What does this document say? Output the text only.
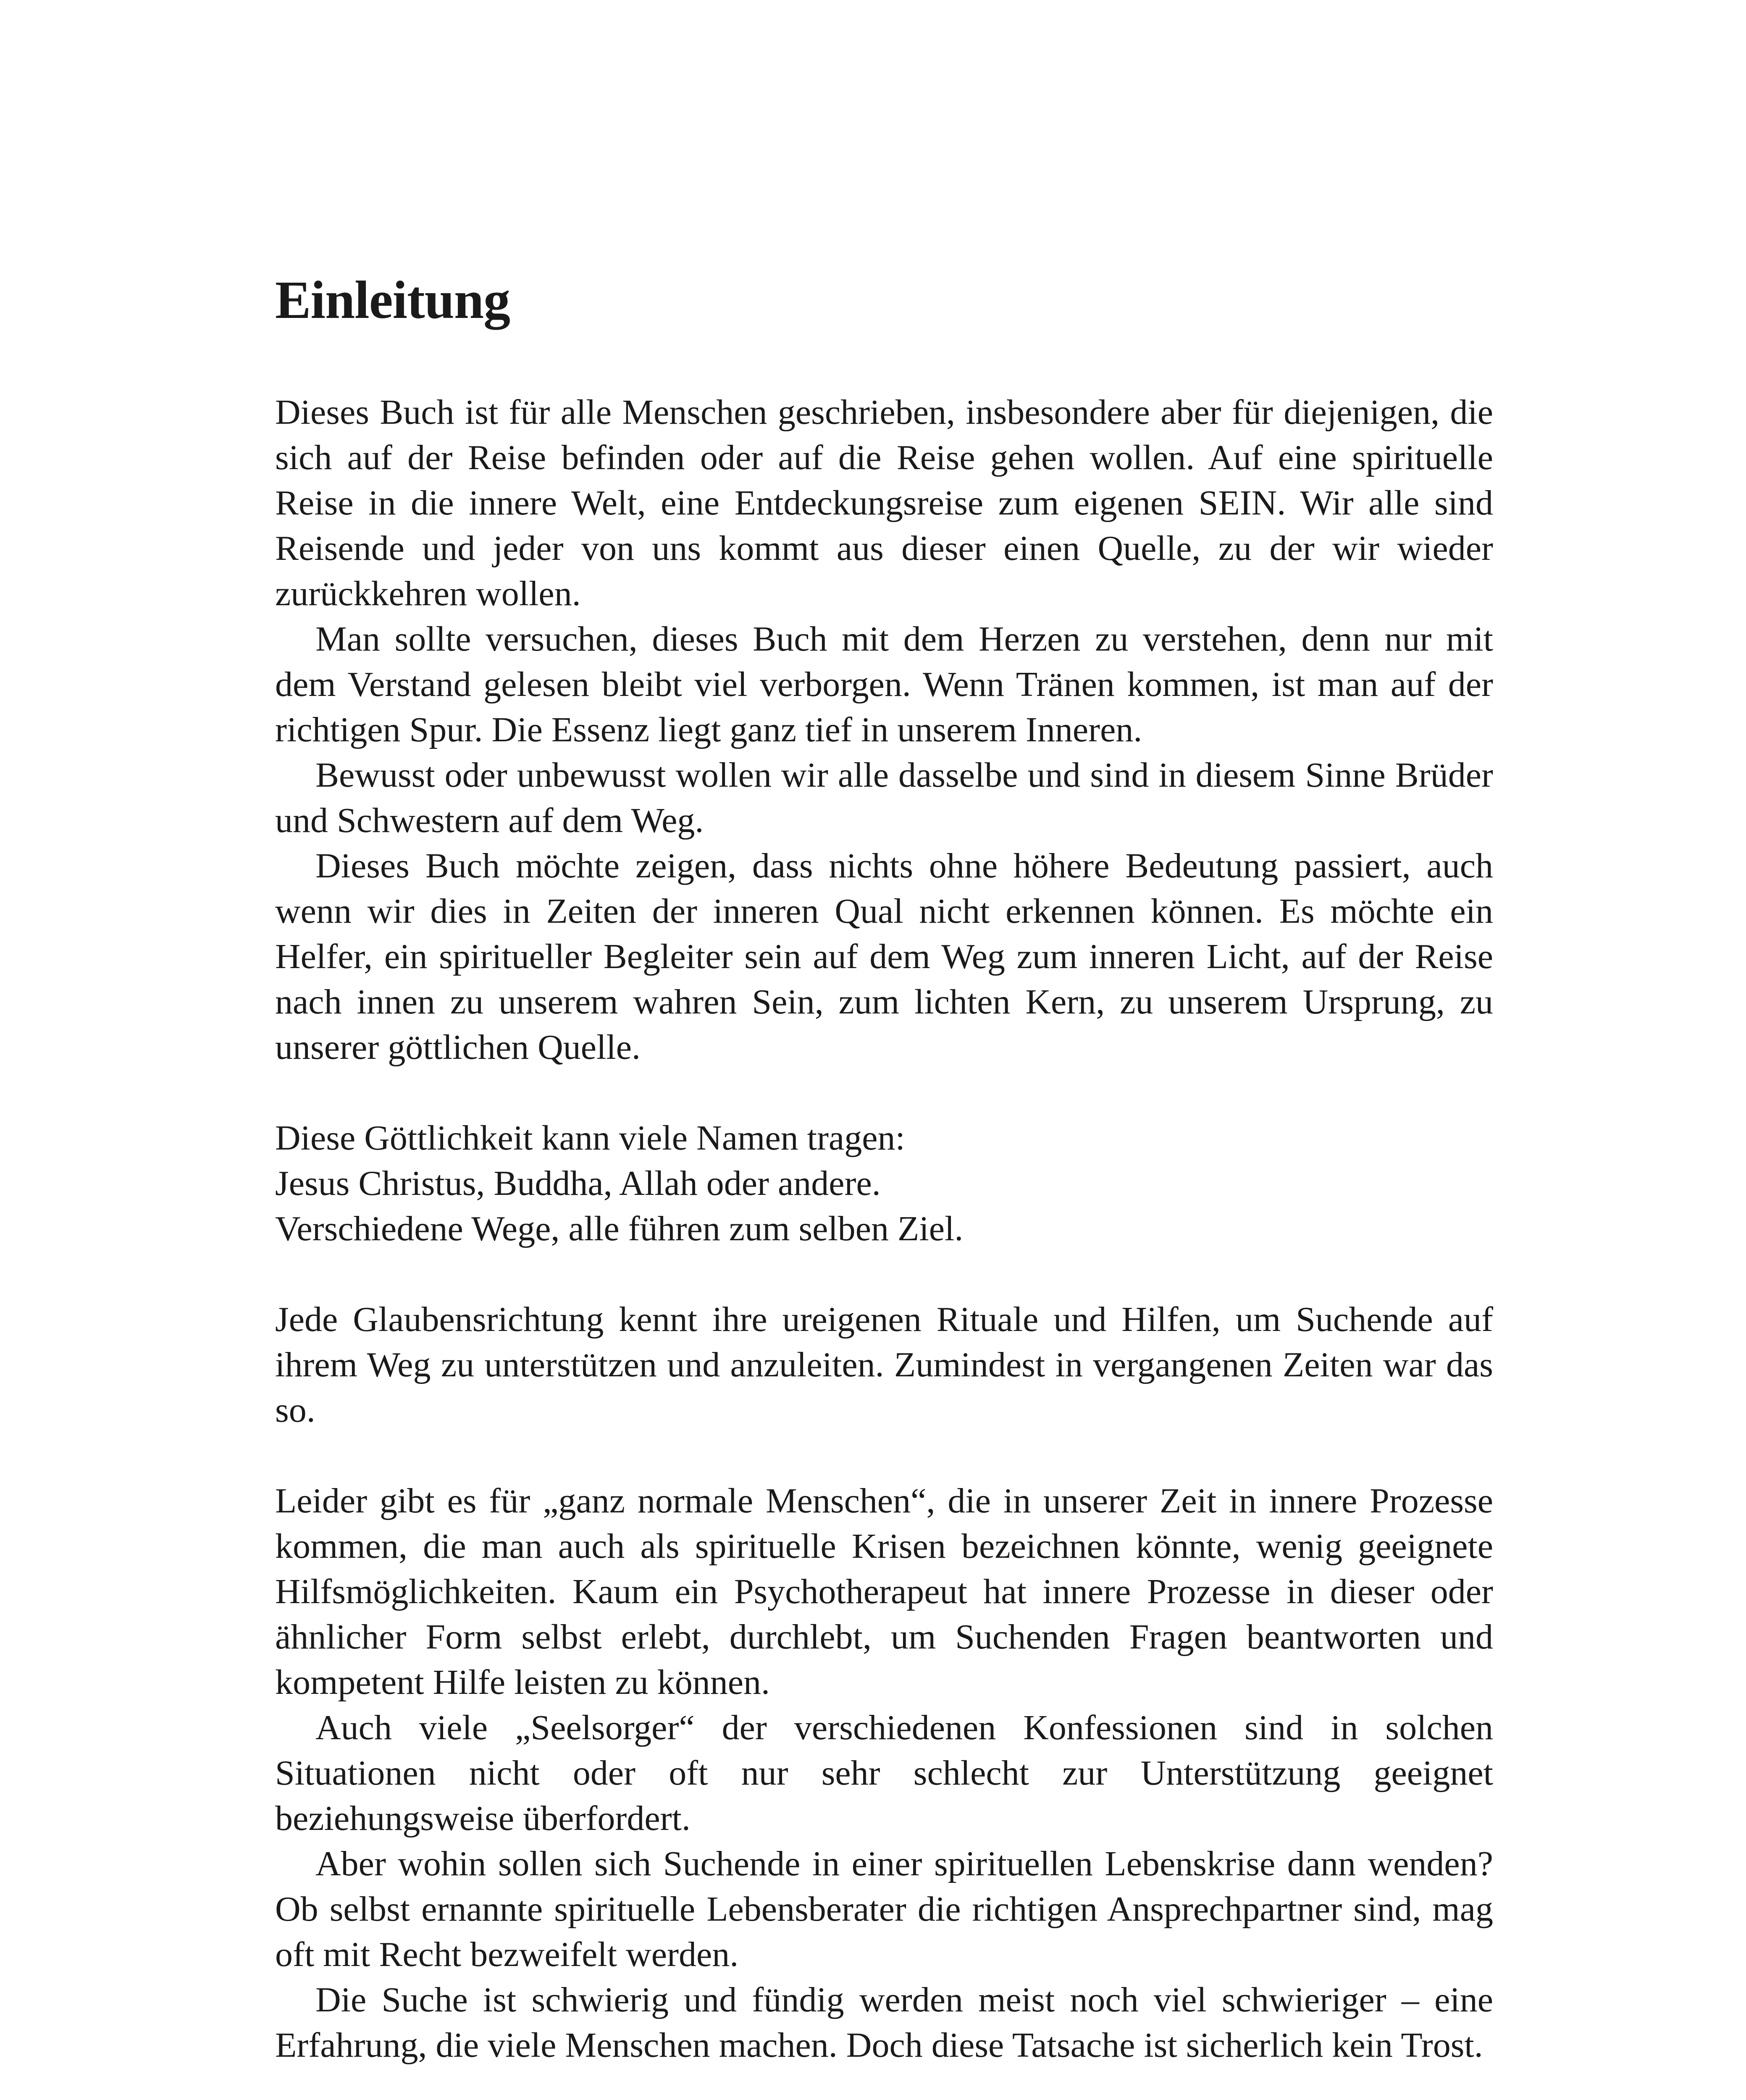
Einleitung

Dieses Buch ist für alle Menschen geschrieben, insbesondere aber für diejenigen, die sich auf der Reise befinden oder auf die Reise gehen wollen. Auf eine spirituelle Reise in die innere Welt, eine Entdeckungsreise zum eigenen SEIN. Wir alle sind Reisende und jeder von uns kommt aus dieser einen Quelle, zu der wir wieder zurückkehren wollen.

Man sollte versuchen, dieses Buch mit dem Herzen zu verstehen, denn nur mit dem Verstand gelesen bleibt viel verborgen. Wenn Tränen kommen, ist man auf der richtigen Spur. Die Essenz liegt ganz tief in unserem Inneren.

Bewusst oder unbewusst wollen wir alle dasselbe und sind in diesem Sinne Brüder und Schwestern auf dem Weg.

Dieses Buch möchte zeigen, dass nichts ohne höhere Bedeutung passiert, auch wenn wir dies in Zeiten der inneren Qual nicht erkennen können. Es möchte ein Helfer, ein spiritueller Begleiter sein auf dem Weg zum inneren Licht, auf der Reise nach innen zu unserem wahren Sein, zum lichten Kern, zu unserem Ursprung, zu unserer göttlichen Quelle.

Diese Göttlichkeit kann viele Namen tragen:
Jesus Christus, Buddha, Allah oder andere.
Verschiedene Wege, alle führen zum selben Ziel.

Jede Glaubensrichtung kennt ihre ureigenen Rituale und Hilfen, um Suchende auf ihrem Weg zu unterstützen und anzuleiten. Zumindest in vergangenen Zeiten war das so.

Leider gibt es für „ganz normale Menschen“, die in unserer Zeit in innere Prozesse kommen, die man auch als spirituelle Krisen bezeichnen könnte, wenig geeignete Hilfsmöglichkeiten. Kaum ein Psychotherapeut hat innere Prozesse in dieser oder ähnlicher Form selbst erlebt, durchlebt, um Suchenden Fragen beantworten und kompetent Hilfe leisten zu können.

Auch viele „Seelsorger“ der verschiedenen Konfessionen sind in solchen Situationen nicht oder oft nur sehr schlecht zur Unterstützung geeignet beziehungsweise überfordert.

Aber wohin sollen sich Suchende in einer spirituellen Lebenskrise dann wenden? Ob selbst ernannte spirituelle Lebensberater die richtigen Ansprechpartner sind, mag oft mit Recht bezweifelt werden.

Die Suche ist schwierig und fündig werden meist noch viel schwieriger – eine Erfahrung, die viele Menschen machen. Doch diese Tatsache ist sicherlich kein Trost.
